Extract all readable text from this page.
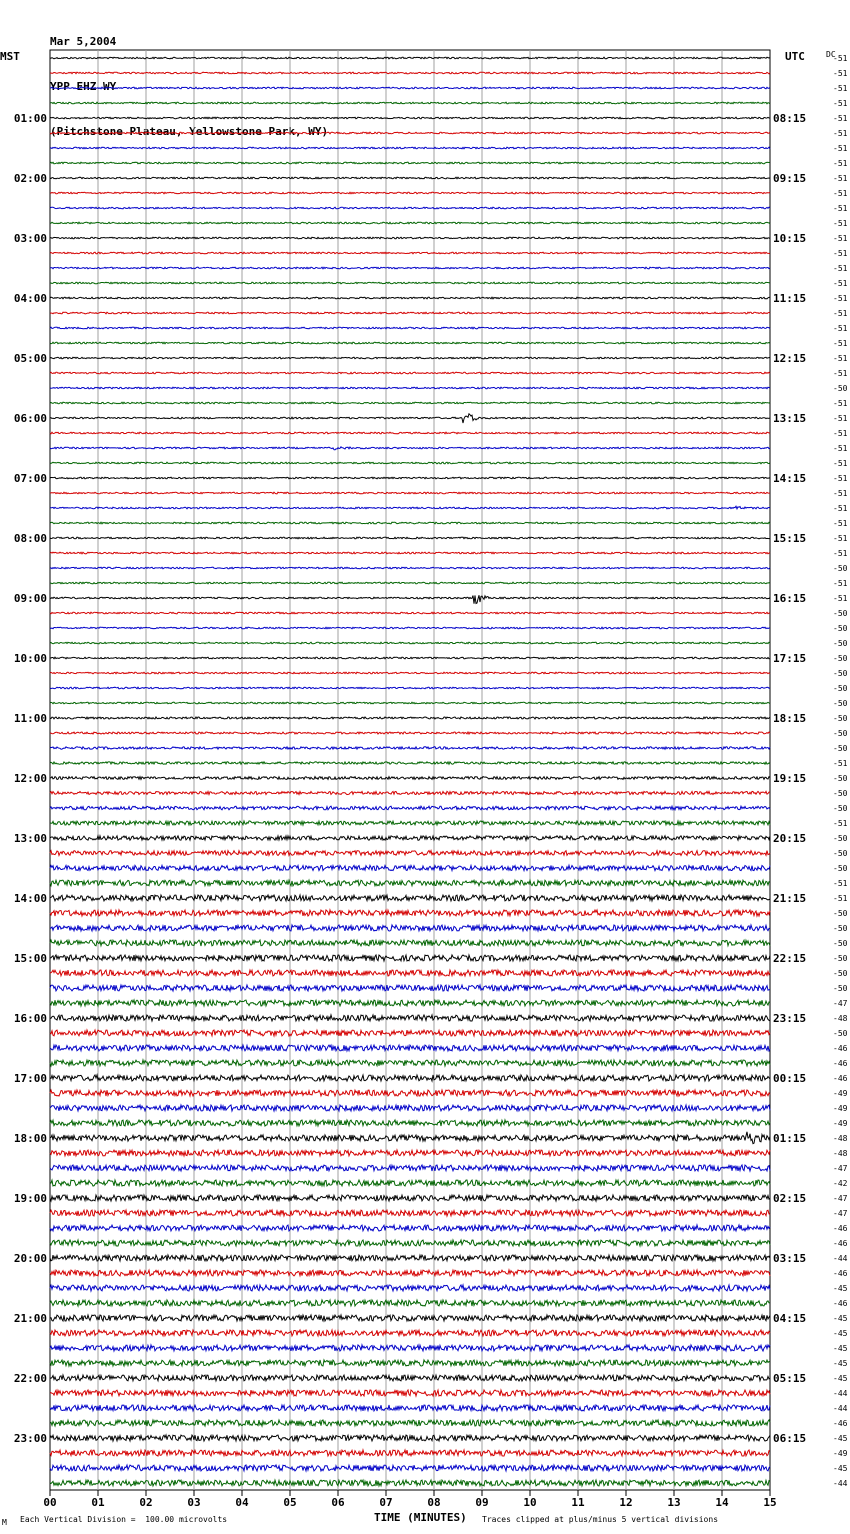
Mar 5,2004

YPP EHZ WY

(Pitchstone Plateau, Yellowstone Park, WY)

MST	UTC	DC
00	01	02	03	04	05	06	07	08	09	10	11	12	13	14	15
-51
-51
-51
-51
-51
-51
-51
-51
-51
-51
-51
-51
-51
-51
-51
-51
-51
-51
-51
-51
-51
-51
-50
-51
-51
-51
-51
-51
-51
-51
-51
-51
-51
-51
-50
-51
-51
-50
-50
-50
-50
-50
-50
-50
-50
-50
-50
-51
-50
-50
-50
-51
-50
-50
-50
-51
-51
-50
-50
-50
-50
-50
-50
-47
-48
-50
-46
-46
-46
-49
-49
-49
-48
-48
-47
-42
-47
-47
-46
-46
-44
-46
-45
-46
-45
-45
-45
-45
-45
-44
-44
-46
-45
-49
-45
-44
01:00
02:00
03:00
04:00
05:00
06:00
07:00
08:00
09:00
10:00
11:00
12:00
13:00
14:00
15:00
16:00
17:00
18:00
19:00
20:00
21:00
22:00
23:00
08:15
09:15
10:15
11:15
12:15
13:15
14:15
15:15
16:15
17:15
18:15
19:15
20:15
21:15
22:15
23:15
00:15
01:15
02:15
03:15
04:15
05:15
06:15
M Each Vertical Division =  100.00 microvolts	TIME (MINUTES) Traces clipped at plus/minus 5 vertical divisions
